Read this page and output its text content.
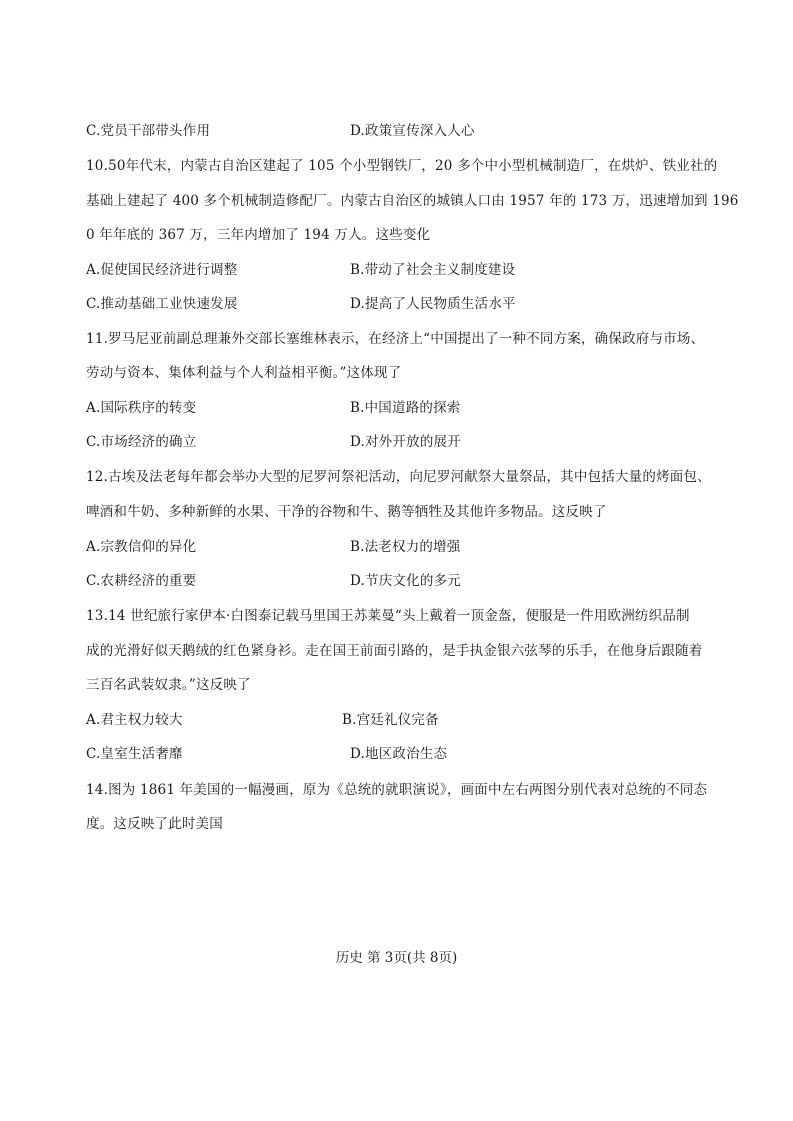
C.党员干部带头作用	D.政策宣传深入人心
10.50年代末，内蒙古自治区建起了 105 个小型钢铁厂，20 多个中小型机械制造厂，在烘炉、铁业社的
基础上建起了 400 多个机械制造修配厂。内蒙古自治区的城镇人口由 1957 年的 173 万，迅速增加到 196
0 年年底的 367 万，三年内增加了 194 万人。这些变化
A.促使国民经济进行调整	B.带动了社会主义制度建设
C.推动基础工业快速发展	D.提高了人民物质生活水平
11.罗马尼亚前副总理兼外交部长塞维林表示，在经济上“中国提出了一种不同方案，确保政府与市场、
劳动与资本、集体利益与个人利益相平衡。”这体现了
A.国际秩序的转变	B.中国道路的探索
C.市场经济的确立	D.对外开放的展开
12.古埃及法老每年都会举办大型的尼罗河祭祀活动，向尼罗河献祭大量祭品，其中包括大量的烤面包、
啤酒和牛奶、多种新鲜的水果、干净的谷物和牛、鹅等牺牲及其他许多物品。这反映了
A.宗教信仰的异化	B.法老权力的增强
C.农耕经济的重要	D.节庆文化的多元
13.14 世纪旅行家伊本·白图泰记载马里国王苏莱曼“头上戴着一顶金盔，便服是一件用欧洲纺织品制
成的光滑好似天鹅绒的红色紧身衫。走在国王前面引路的，是手执金银六弦琴的乐手，在他身后跟随着
三百名武装奴隶。”这反映了
A.君主权力较大	B.宫廷礼仪完备
C.皇室生活奢靡	D.地区政治生态
14.图为 1861 年美国的一幅漫画，原为《总统的就职演说》，画面中左右两图分别代表对总统的不同态
度。这反映了此时美国
历史 第 3页(共 8页)
